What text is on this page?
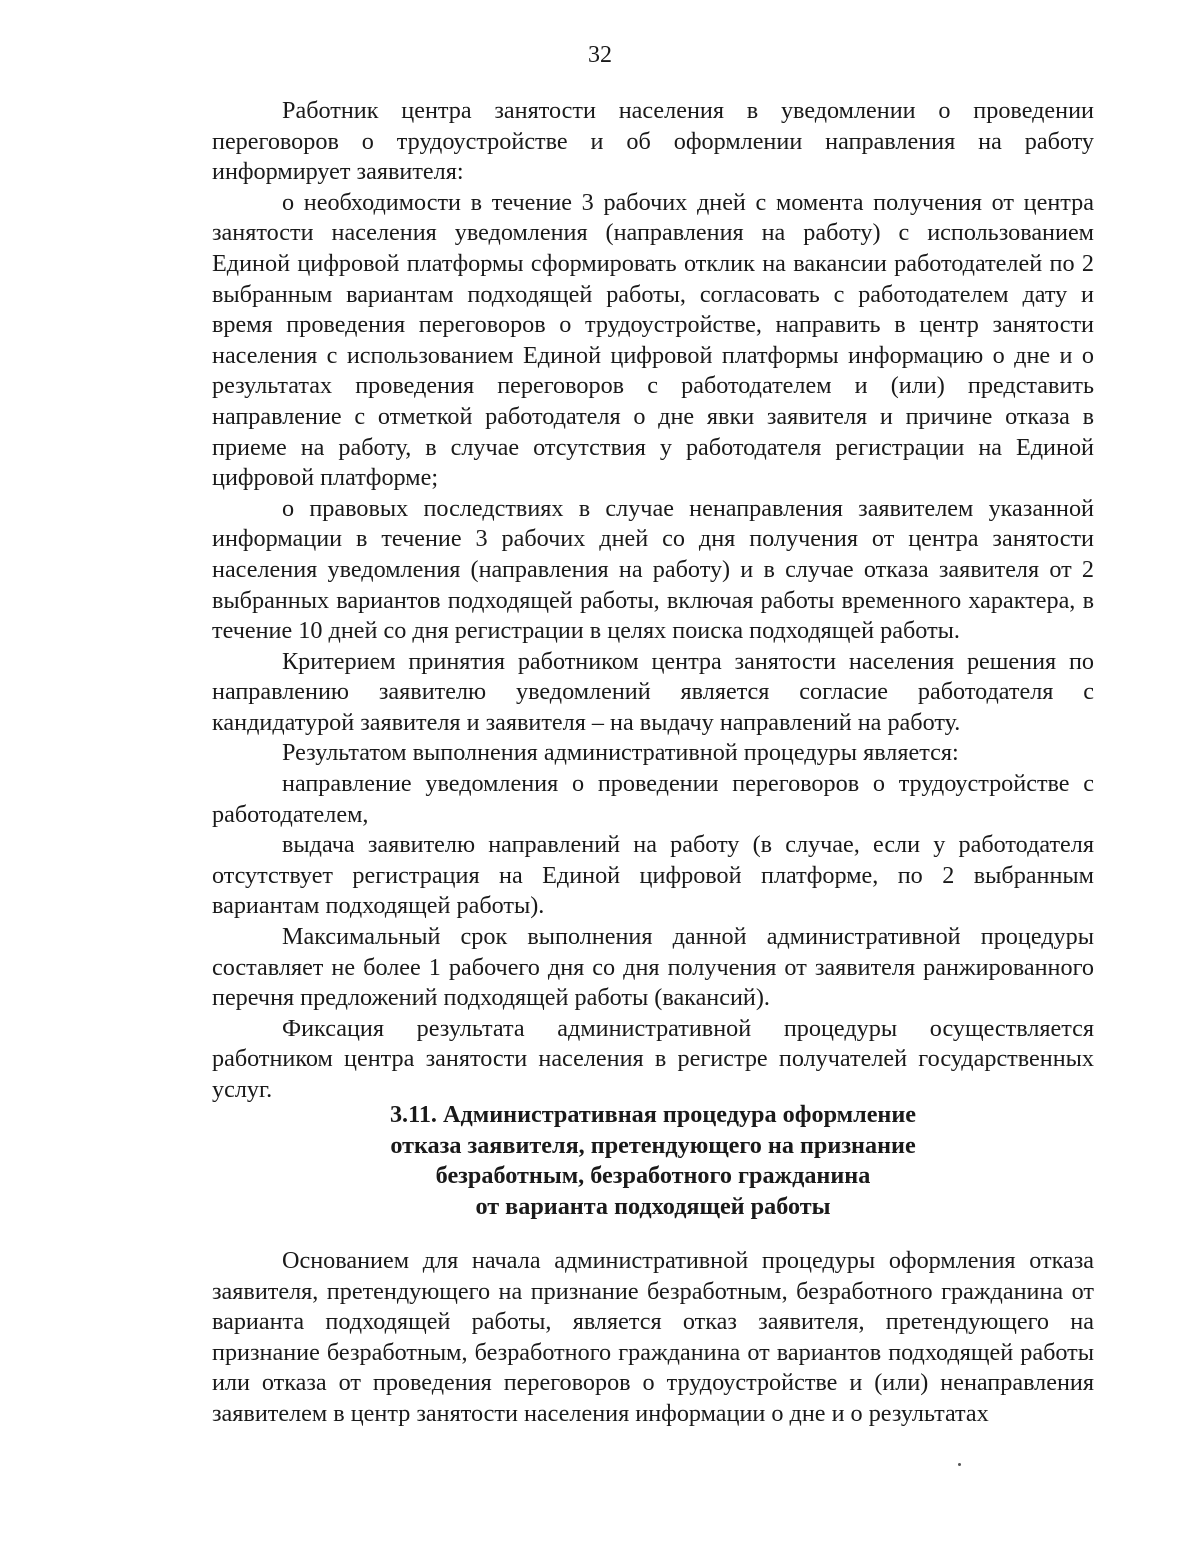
32

Работник центра занятости населения в уведомлении о проведении переговоров о трудоустройстве и об оформлении направления на работу информирует заявителя:

о необходимости в течение 3 рабочих дней с момента получения от центра занятости населения уведомления (направления на работу) с использованием Единой цифровой платформы сформировать отклик на вакансии работодателей по 2 выбранным вариантам подходящей работы, согласовать с работодателем дату и время проведения переговоров о трудоустройстве, направить в центр занятости населения с использованием Единой цифровой платформы информацию о дне и о результатах проведения переговоров с работодателем и (или) представить направление с отметкой работодателя о дне явки заявителя и причине отказа в приеме на работу, в случае отсутствия у работодателя регистрации на Единой цифровой платформе;

о правовых последствиях в случае ненаправления заявителем указанной информации в течение 3 рабочих дней со дня получения от центра занятости населения уведомления (направления на работу) и в случае отказа заявителя от 2 выбранных вариантов подходящей работы, включая работы временного характера, в течение 10 дней со дня регистрации в целях поиска подходящей работы.

Критерием принятия работником центра занятости населения решения по направлению заявителю уведомлений является согласие работодателя с кандидатурой заявителя и заявителя – на выдачу направлений на работу.

Результатом выполнения административной процедуры является:

направление уведомления о проведении переговоров о трудоустройстве с работодателем,

выдача заявителю направлений на работу (в случае, если у работодателя отсутствует регистрация на Единой цифровой платформе, по 2 выбранным вариантам подходящей работы).

Максимальный срок выполнения данной административной процедуры составляет не более 1 рабочего дня со дня получения от заявителя ранжированного перечня предложений подходящей работы (вакансий).

Фиксация результата административной процедуры осуществляется работником центра занятости населения в регистре получателей государственных услуг.

3.11. Административная процедура оформление
отказа заявителя, претендующего на признание
безработным, безработного гражданина
от варианта подходящей работы

Основанием для начала административной процедуры оформления отказа заявителя, претендующего на признание безработным, безработного гражданина от варианта подходящей работы, является отказ заявителя, претендующего на признание безработным, безработного гражданина от вариантов подходящей работы или отказа от проведения переговоров о трудоустройстве и (или) ненаправления заявителем в центр занятости населения информации о дне и о результатах
